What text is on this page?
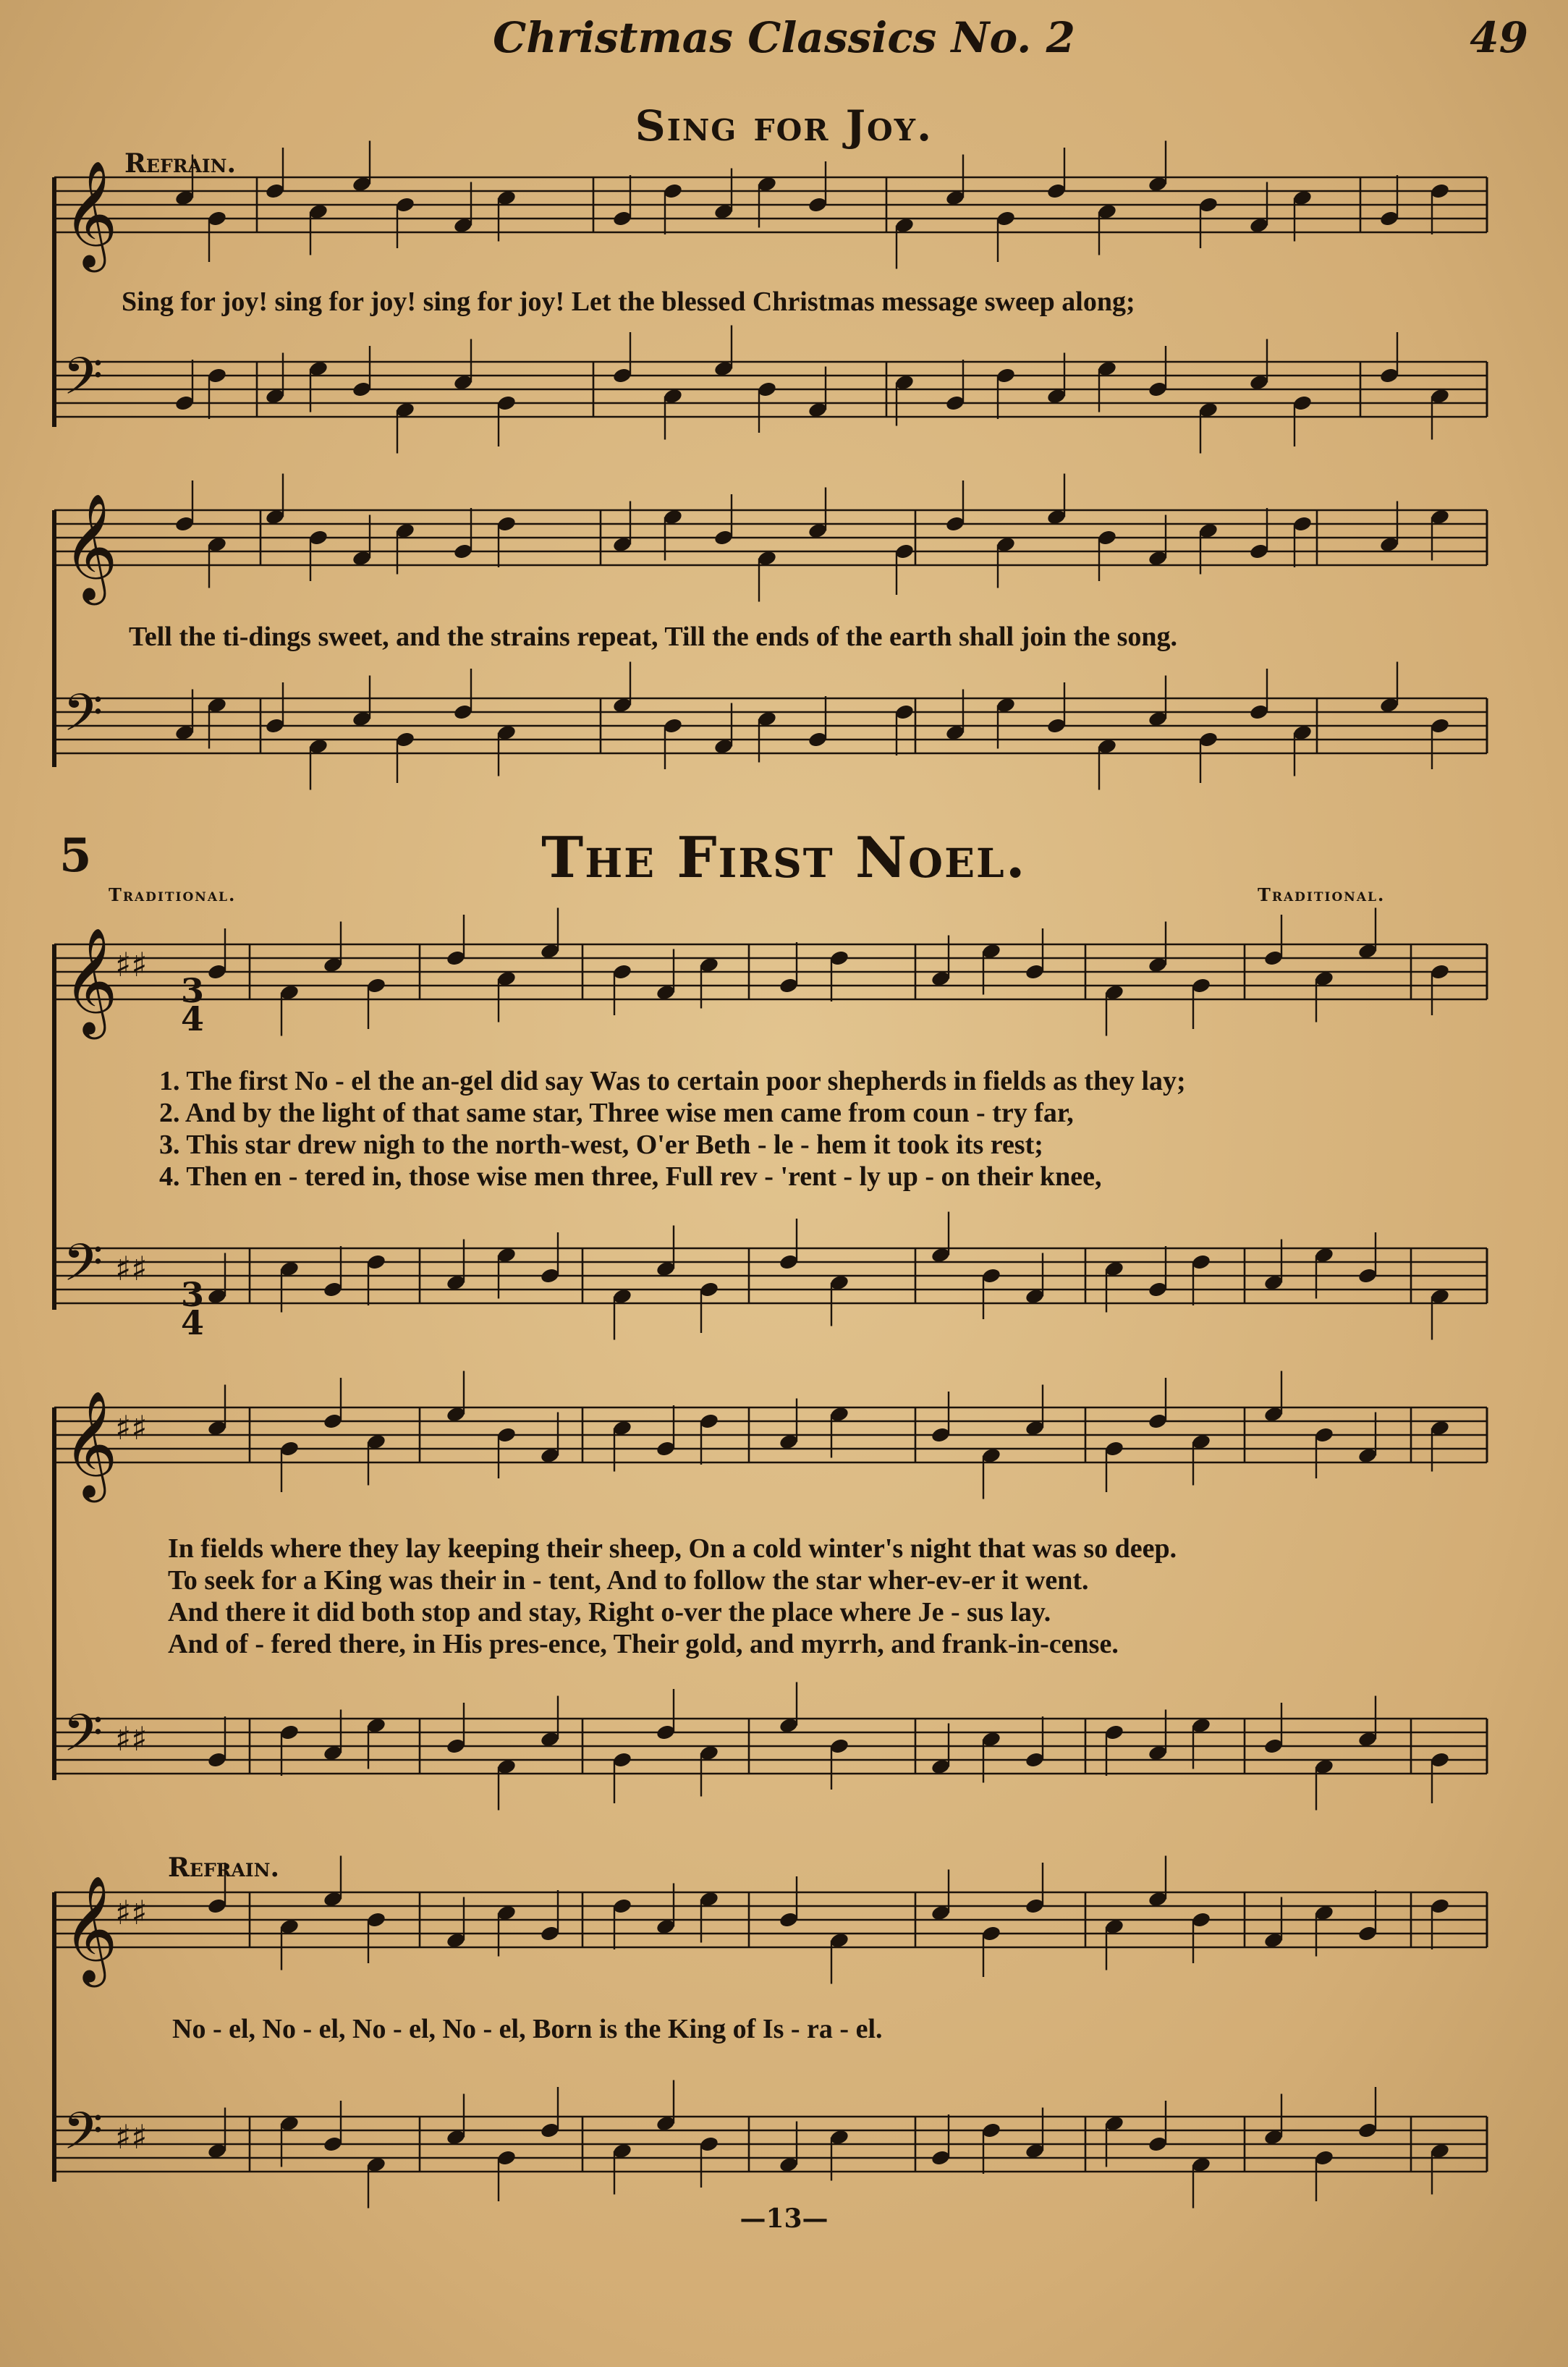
𝄞
𝄢
𝄞
𝄢
𝄞
♯♯
𝄢 ♯♯
𝄞
♯♯
𝄢 ♯♯
𝄞
♯♯
𝄢 ♯♯
3
4
3
4
Christmas Classics No. 2	49
Sing for Joy.
Refrain.
Sing for joy! sing for joy! sing for joy! Let the blessed Christmas message sweep along;
Tell the ti-dings sweet, and the strains repeat, Till the ends of the earth shall join the song.
5	The First Noel.
Traditional.	Traditional.
1. The first No - el the an-gel did say Was to certain poor shepherds in fields as they lay;
2. And by the light of that same star, Three wise men came from coun - try far,
3. This star drew nigh to the north-west, O'er Beth - le - hem it took its rest;
4. Then en - tered in, those wise men three, Full rev - 'rent - ly up - on their knee,
In fields where they lay keeping their sheep, On a cold winter's night that was so deep.
To seek for a King was their in - tent, And to follow the star wher-ev-er it went.
And there it did both stop and stay, Right o-ver the place where Je - sus lay.
And of - fered there, in His pres-ence, Their gold, and myrrh, and frank-in-cense.
Refrain.
No - el, No - el, No - el, No - el, Born is the King of Is - ra - el.
—13—
